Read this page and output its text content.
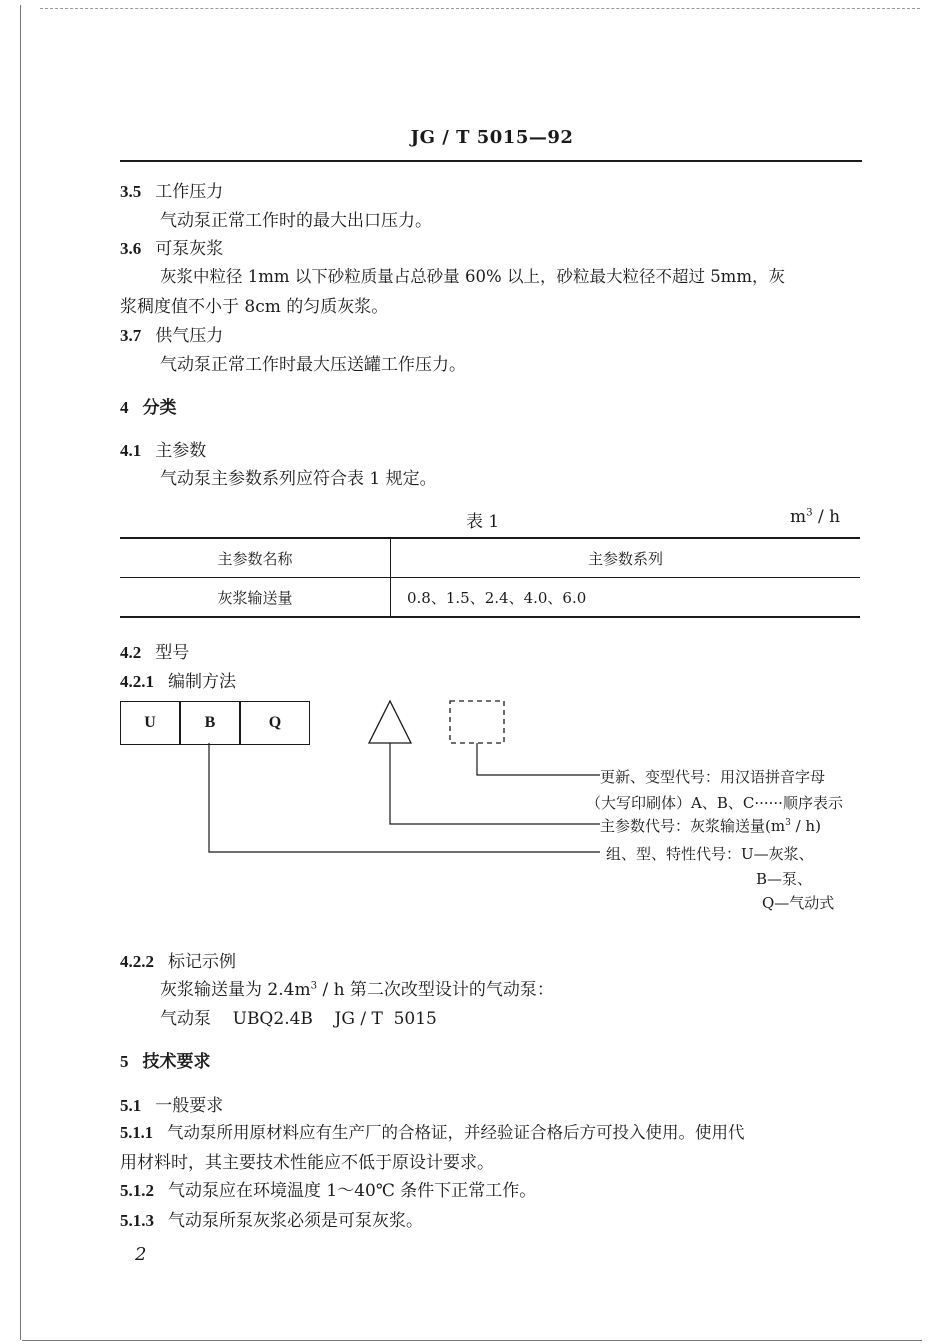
JG / T 5015—92
3.5 工作压力
气动泵正常工作时的最大出口压力。
3.6 可泵灰浆
灰浆中粒径 1mm 以下砂粒质量占总砂量 60% 以上，砂粒最大粒径不超过 5mm，灰
浆稠度值不小于 8cm 的匀质灰浆。
3.7 供气压力
气动泵正常工作时最大压送罐工作压力。
4 分类
4.1 主参数
气动泵主参数系列应符合表 1 规定。
表 1	$m^3$ / h
主参数名称	主参数系列
灰浆输送量	0.8、1.5、2.4、4.0、6.0
4.2 型号
4.2.1 编制方法
U	B	Q
更新、变型代号：用汉语拼音字母
（大写印刷体）A、B、C······顺序表示
主参数代号：灰浆输送量$(m^3 / h)$
组、型、特性代号：U—灰浆、
B—泵、
Q—气动式
4.2.2 标记示例
灰浆输送量为 $2.4m^3$ / h 第二次改型设计的气动泵：
气动泵    UBQ2.4B    JG / T  5015
5 技术要求
5.1 一般要求
5.1.1 气动泵所用原材料应有生产厂的合格证，并经验证合格后方可投入使用。使用代
用材料时，其主要技术性能应不低于原设计要求。
5.1.2 气动泵应在环境温度 1～40℃ 条件下正常工作。
5.1.3 气动泵所泵灰浆必须是可泵灰浆。
2
